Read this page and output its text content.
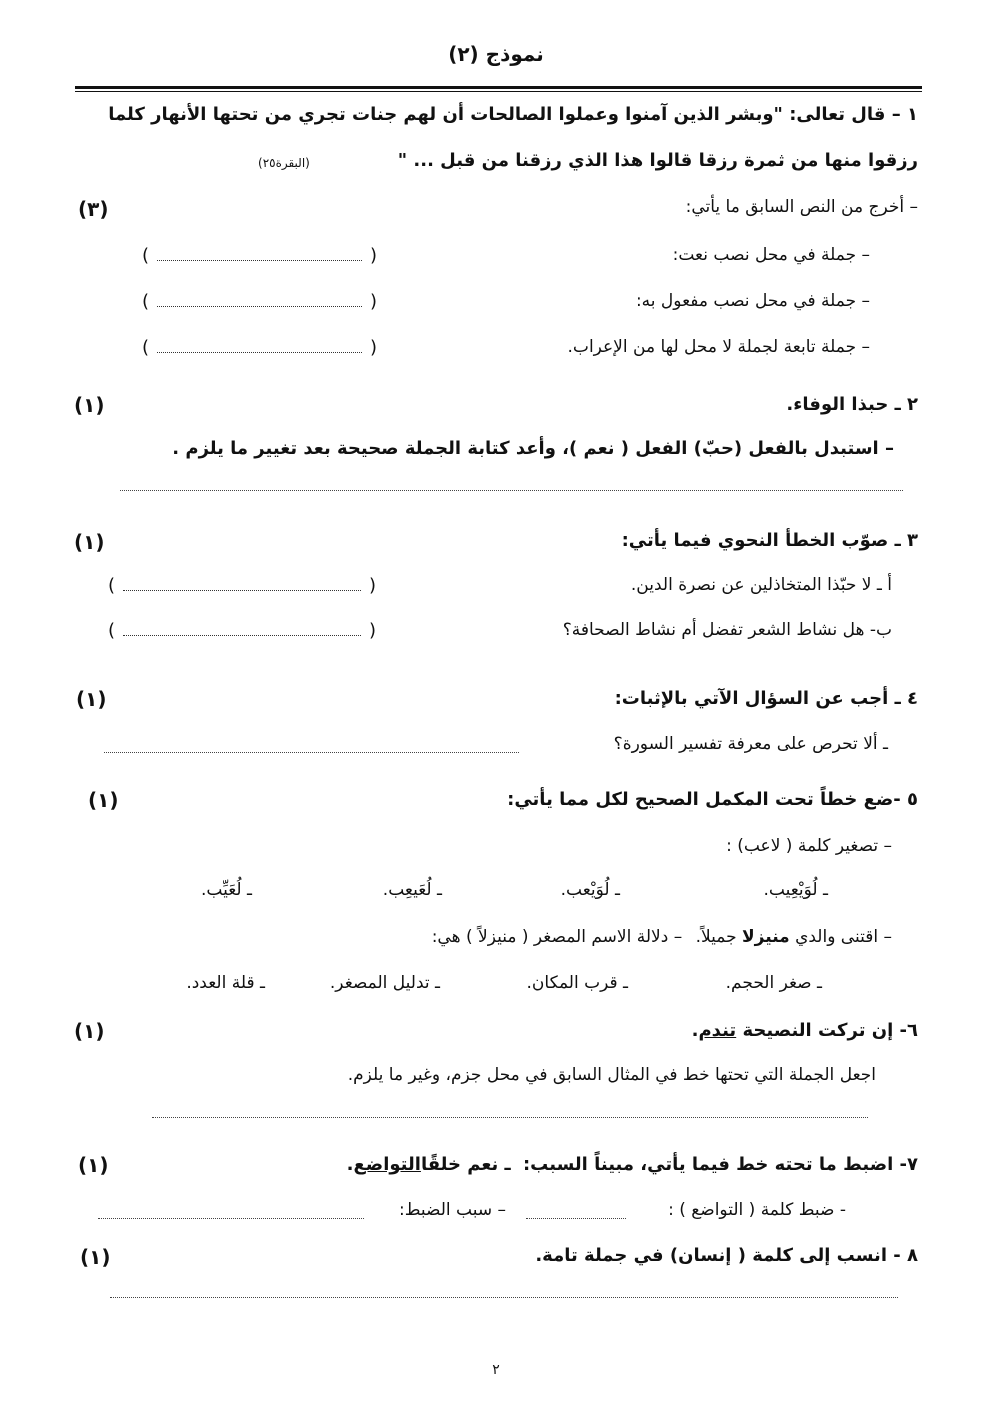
نموذج (٢)
١ – قال تعالى: "وبشر الذين آمنوا وعملوا الصالحات أن لهم جنات تجري من تحتها الأنهار كلما
رزقوا منها من ثمرة رزقا قالوا هذا الذي رزقنا من قبل ... "
(البقرة٢٥)
– أخرج من النص السابق ما يأتي:
(٣)
– جملة في محل نصب نعت:
()
– جملة في محل نصب مفعول به:
()
– جملة تابعة لجملة لا محل لها من الإعراب.
()
٢ ـ حبذا الوفاء.
(١)
– استبدل بالفعل (حبّ) الفعل ( نعم )، وأعد كتابة الجملة صحيحة بعد تغيير ما يلزم .
٣ ـ صوّب الخطأ النحوي فيما يأتي:
(١)
أ ـ لا حبّذا المتخاذلين عن نصرة الدين.
()
ب- هل نشاط الشعر تفضل أم نشاط الصحافة؟
()
٤ ـ أجب عن السؤال الآتي بالإثبات:
(١)
ـ ألا تحرص على معرفة تفسير السورة؟
٥ -ضع خطاً تحت المكمل الصحيح لكل مما يأتي:
(١)
– تصغير كلمة ( لاعب) :
ـ لُوَيْعِيب.
ـ لُوَيْعب.
ـ لُعَيعِب.
ـ لُعَيِّب.
– اقتنى والدي منيزلا جميلاً. – دلالة الاسم المصغر ( منيزلاً ) هي:
ـ صغر الحجم.
ـ قرب المكان.
ـ تدليل المصغر.
ـ قلة العدد.
٦- إن تركت النصيحة تندم.
(١)
اجعل الجملة التي تحتها خط في المثال السابق في محل جزم، وغير ما يلزم.
٧- اضبط ما تحته خط فيما يأتي، مبيناً السبب: ـ نعم خلقًاالتواضع.
(١)
- ضبط كلمة ( التواضع ) :
– سبب الضبط:
٨ - انسب إلى كلمة ( إنسان) في جملة تامة.
(١)
٢
